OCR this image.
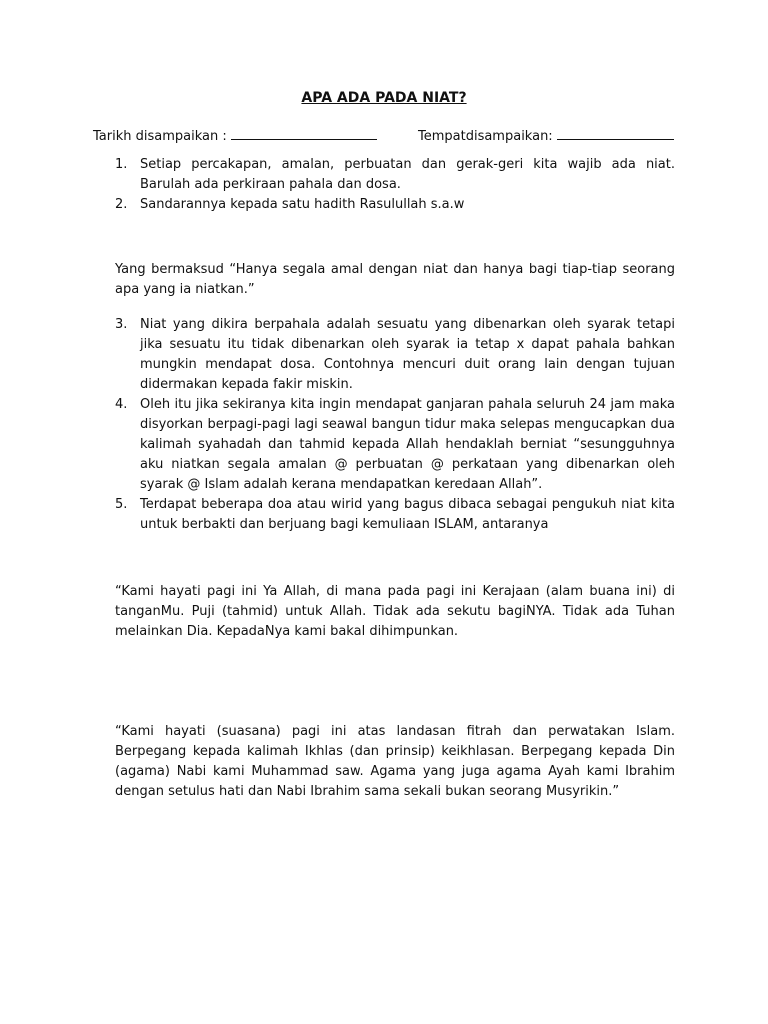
APA ADA PADA NIAT?
Tarikh disampaikan :	Tempatdisampaikan:
1. Setiap percakapan, amalan, perbuatan dan gerak-geri kita wajib ada niat. Barulah ada perkiraan pahala dan dosa.
2. Sandarannya kepada satu hadith Rasulullah s.a.w

Yang bermaksud “Hanya segala amal dengan niat dan hanya bagi tiap-tiap seorang apa yang ia niatkan.”

3. Niat yang dikira berpahala adalah sesuatu yang dibenarkan oleh syarak tetapi jika sesuatu itu tidak dibenarkan oleh syarak ia tetap x dapat pahala bahkan mungkin mendapat dosa. Contohnya mencuri duit orang lain dengan tujuan didermakan kepada fakir miskin.
4. Oleh itu jika sekiranya kita ingin mendapat ganjaran pahala seluruh 24 jam maka disyorkan berpagi-pagi lagi seawal bangun tidur maka selepas mengucapkan dua kalimah syahadah dan tahmid kepada Allah hendaklah berniat “sesungguhnya aku niatkan segala amalan @ perbuatan @ perkataan yang dibenarkan oleh syarak @ Islam adalah kerana mendapatkan keredaan Allah”.
5. Terdapat beberapa doa atau wirid yang bagus dibaca sebagai pengukuh niat kita untuk berbakti dan berjuang bagi kemuliaan ISLAM, antaranya

“Kami hayati pagi ini Ya Allah, di mana pada pagi ini Kerajaan (alam buana ini) di tanganMu. Puji (tahmid) untuk Allah. Tidak ada sekutu bagiNYA. Tidak ada Tuhan melainkan Dia. KepadaNya kami bakal dihimpunkan.

“Kami hayati (suasana) pagi ini atas landasan fitrah dan perwatakan Islam. Berpegang kepada kalimah Ikhlas (dan prinsip) keikhlasan. Berpegang kepada Din (agama) Nabi kami Muhammad saw. Agama yang juga agama Ayah kami Ibrahim dengan setulus hati dan Nabi Ibrahim sama sekali bukan seorang Musyrikin.”
